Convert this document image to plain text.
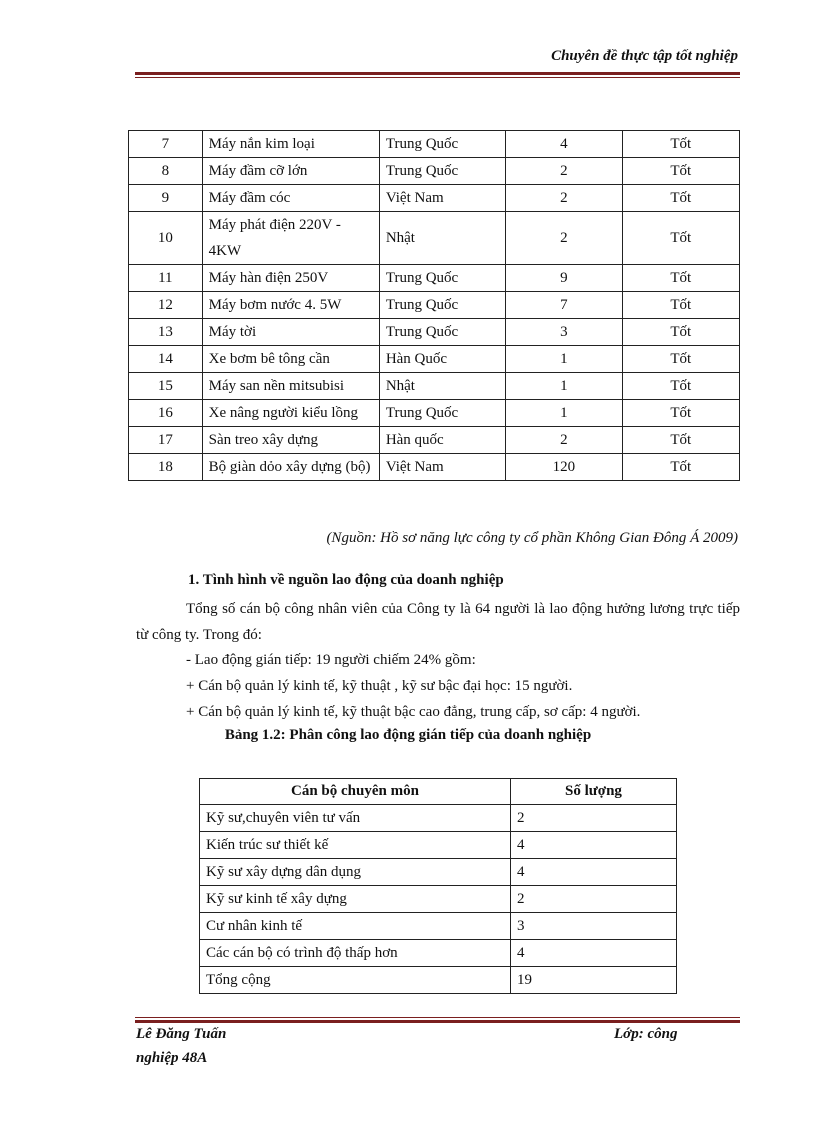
Chuyên đề thực tập tốt nghiệp
7	Máy nắn kim loại	Trung Quốc	4	Tốt
8	Máy đầm cỡ lớn	Trung Quốc	2	Tốt
9	Máy đầm cóc	Việt Nam	2	Tốt
10	Máy phát điện 220V - 4KW	Nhật	2	Tốt
11	Máy hàn điện 250V	Trung Quốc	9	Tốt
12	Máy bơm nước 4. 5W	Trung Quốc	7	Tốt
13	Máy tời	Trung Quốc	3	Tốt
14	Xe bơm bê tông cần	Hàn Quốc	1	Tốt
15	Máy san nền mitsubisi	Nhật	1	Tốt
16	Xe nâng người kiểu lồng	Trung Quốc	1	Tốt
17	Sàn treo xây dựng	Hàn quốc	2	Tốt
18	Bộ giàn dỏo xây dựng (bộ)	Việt Nam	120	Tốt
(Nguồn: Hồ sơ năng lực công ty cổ phần Không Gian Đông Á 2009)
1. Tình hình về nguồn lao động của doanh nghiệp
Tổng số cán bộ công nhân viên của Công ty là 64 người là lao động hưởng lương trực tiếp từ công ty. Trong đó:
- Lao động gián tiếp: 19 người chiếm 24% gồm:
+ Cán bộ quản lý kinh tế, kỹ thuật , kỹ sư bậc đại học: 15 người.
+ Cán bộ quản lý kinh tế, kỹ thuật bậc cao đẳng, trung cấp, sơ cấp: 4 người.
Bảng 1.2: Phân công lao động gián tiếp của doanh nghiệp
Cán bộ chuyên môn	Số lượng
Kỹ sư,chuyên viên tư vấn	2
Kiến trúc sư thiết kế	4
Kỹ sư xây dựng dân dụng	4
Kỹ sư kinh tế xây dựng	2
Cư nhân kinh tế	3
Các cán bộ có trình độ thấp hơn	4
Tổng cộng	19
Lê Đăng Tuấn	Lớp: công
nghiệp 48A
